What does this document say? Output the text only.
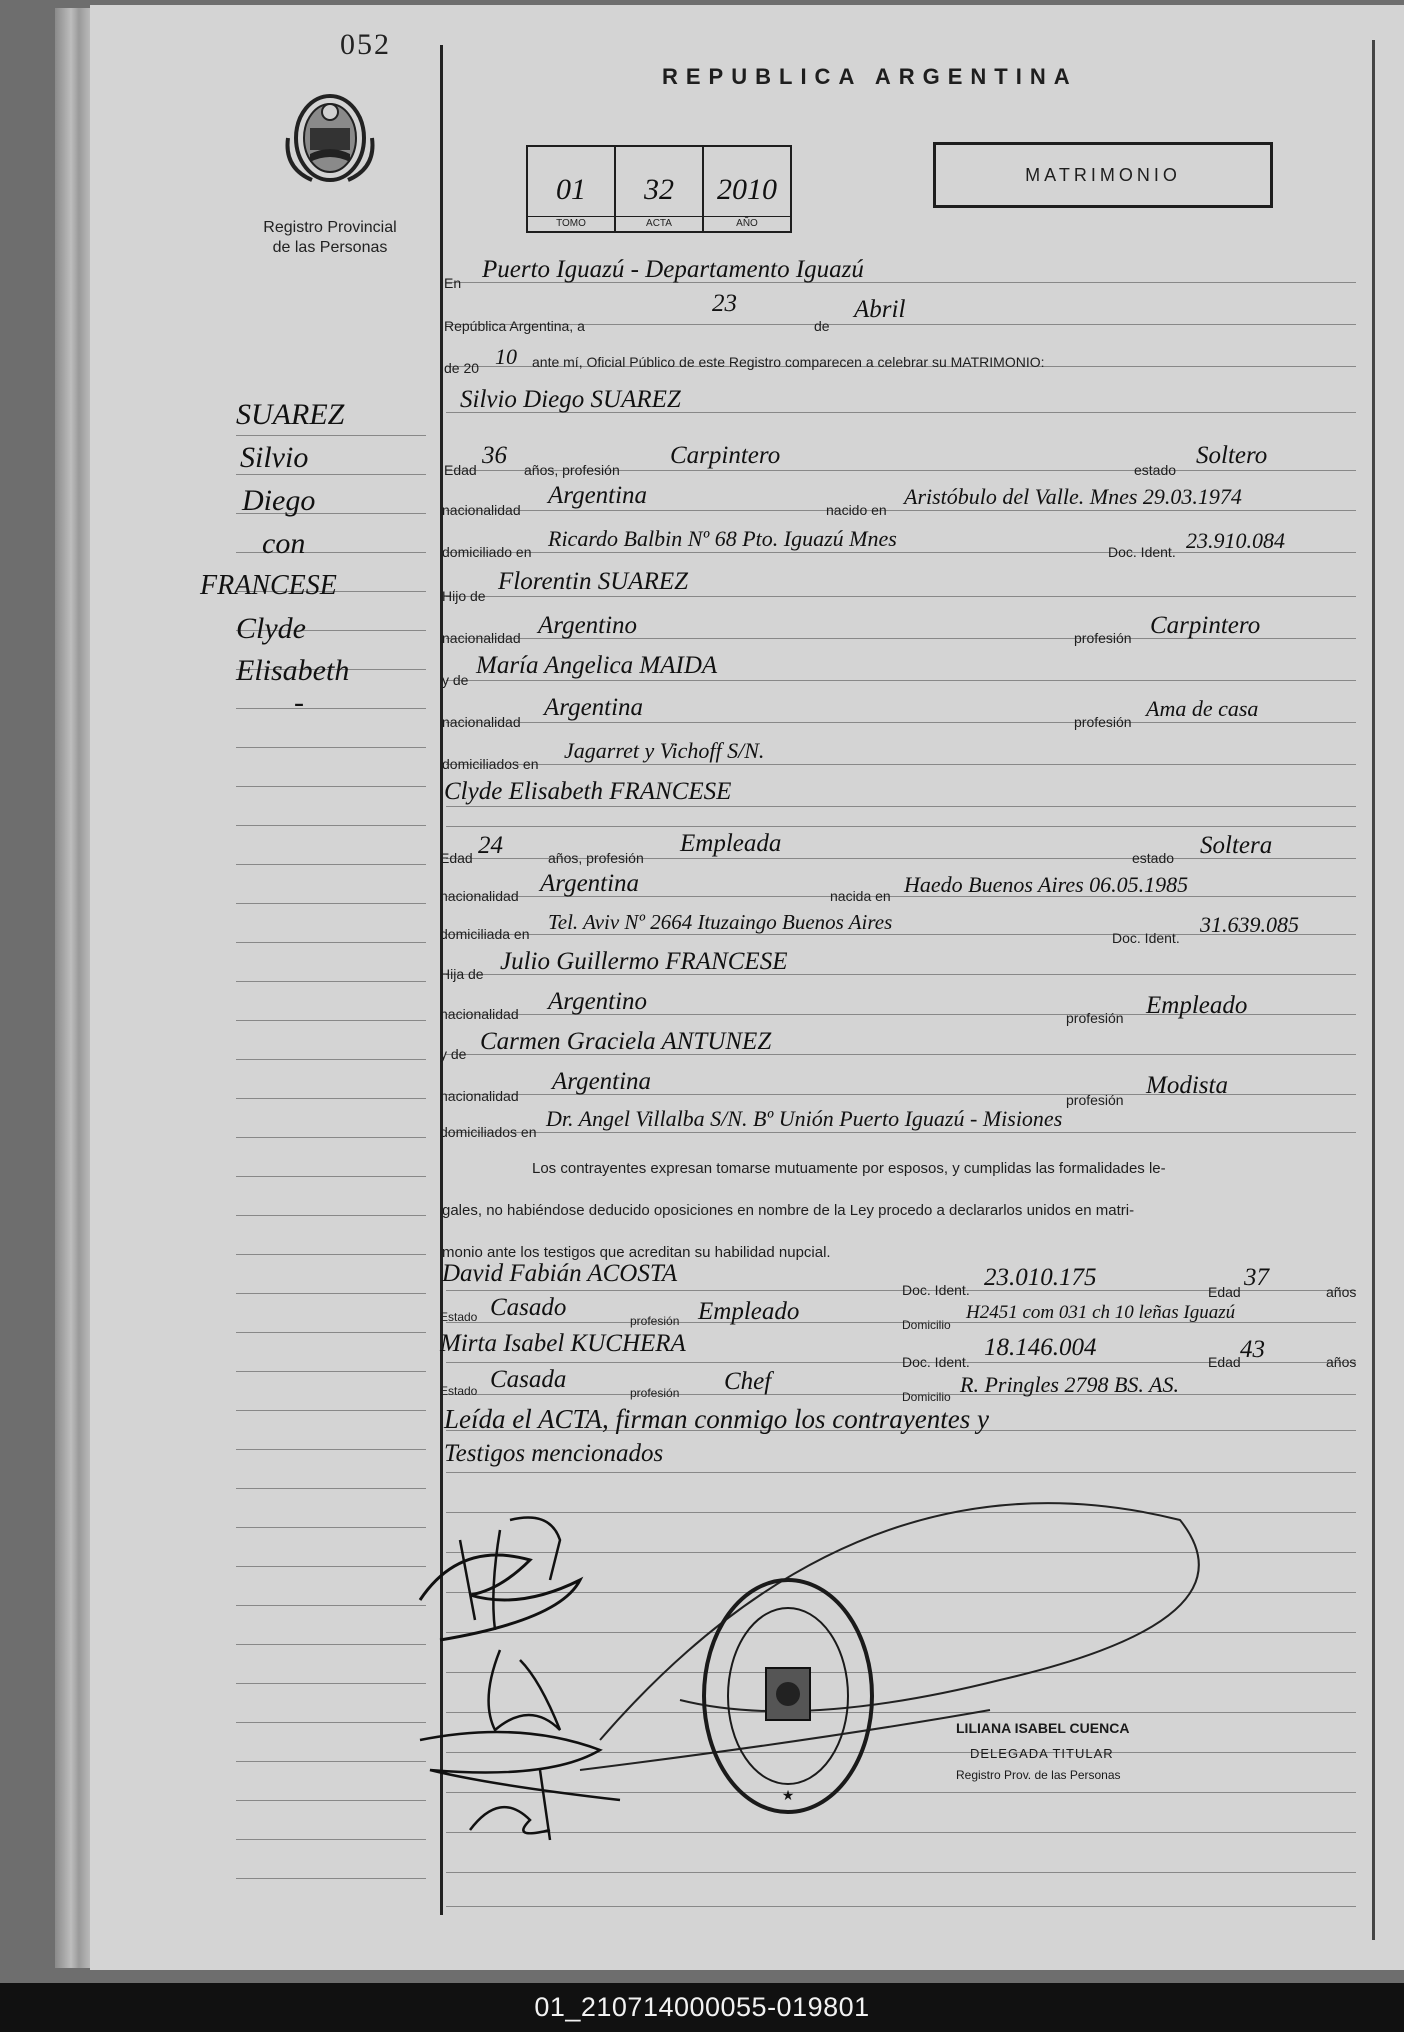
052
REPUBLICA ARGENTINA
Registro Provincial
de las Personas
01
TOMO
32
ACTA
2010
AÑO
MATRIMONIO
SUAREZ
Silvio
Diego
con
FRANCESE
Clyde
Elisabeth
-
En Puerto Iguazú - Departamento Iguazú
República Argentina, a
23
de
Abril
de 20 10 ante mí, Oficial Público de este Registro comparecen a celebrar su MATRIMONIO:
Silvio Diego SUAREZ
Edad
36
años, profesión
Carpintero
estado
Soltero
nacionalidad
Argentina
nacido en
Aristóbulo del Valle. Mnes 29.03.1974
domiciliado en
Ricardo Balbin Nº 68 Pto. Iguazú Mnes
Doc. Ident. 23.910.084
Hijo de
Florentin SUAREZ
nacionalidad Argentino	profesión Carpintero
y de
María Angelica MAIDA
nacionalidad
Argentina
profesión
Ama de casa
domiciliados en
Jagarret y Vichoff S/N.
Clyde Elisabeth FRANCESE
Edad 24	años, profesión
Empleada
estado Soltera
nacionalidad Argentina	nacida en Haedo Buenos Aires 06.05.1985
domiciliada en Tel. Aviv Nº 2664 Ituzaingo Buenos Aires
Doc. Ident.
31.639.085
Hija de Julio Guillermo FRANCESE
nacionalidad Argentino
profesión Empleado
y de Carmen Graciela ANTUNEZ
nacionalidad
Argentina
profesión
Modista
domiciliados en
Dr. Angel Villalba S/N. Bº Unión Puerto Iguazú - Misiones
Los contrayentes expresan tomarse mutuamente por esposos, y cumplidas las formalidades le-
gales, no habiéndose deducido oposiciones en nombre de la Ley procedo a declararlos unidos en matri-
monio ante los testigos que acreditan su habilidad nupcial.
David Fabián ACOSTA
Doc. Ident. 23.010.175
Edad
37
años
Estado Casado	profesión Empleado	Domicilio
H2451 com 031 ch 10 leñas Iguazú
Mirta Isabel KUCHERA
Doc. Ident.
18.146.004
Edad 43	años
Estado Casada	profesión Chef
Domicilio R. Pringles 2798 BS. AS.
Leída el ACTA, firman conmigo los contrayentes y
Testigos mencionados
★
LILIANA ISABEL CUENCA
DELEGADA TITULAR
Registro Prov. de las Personas
01_210714000055-019801
